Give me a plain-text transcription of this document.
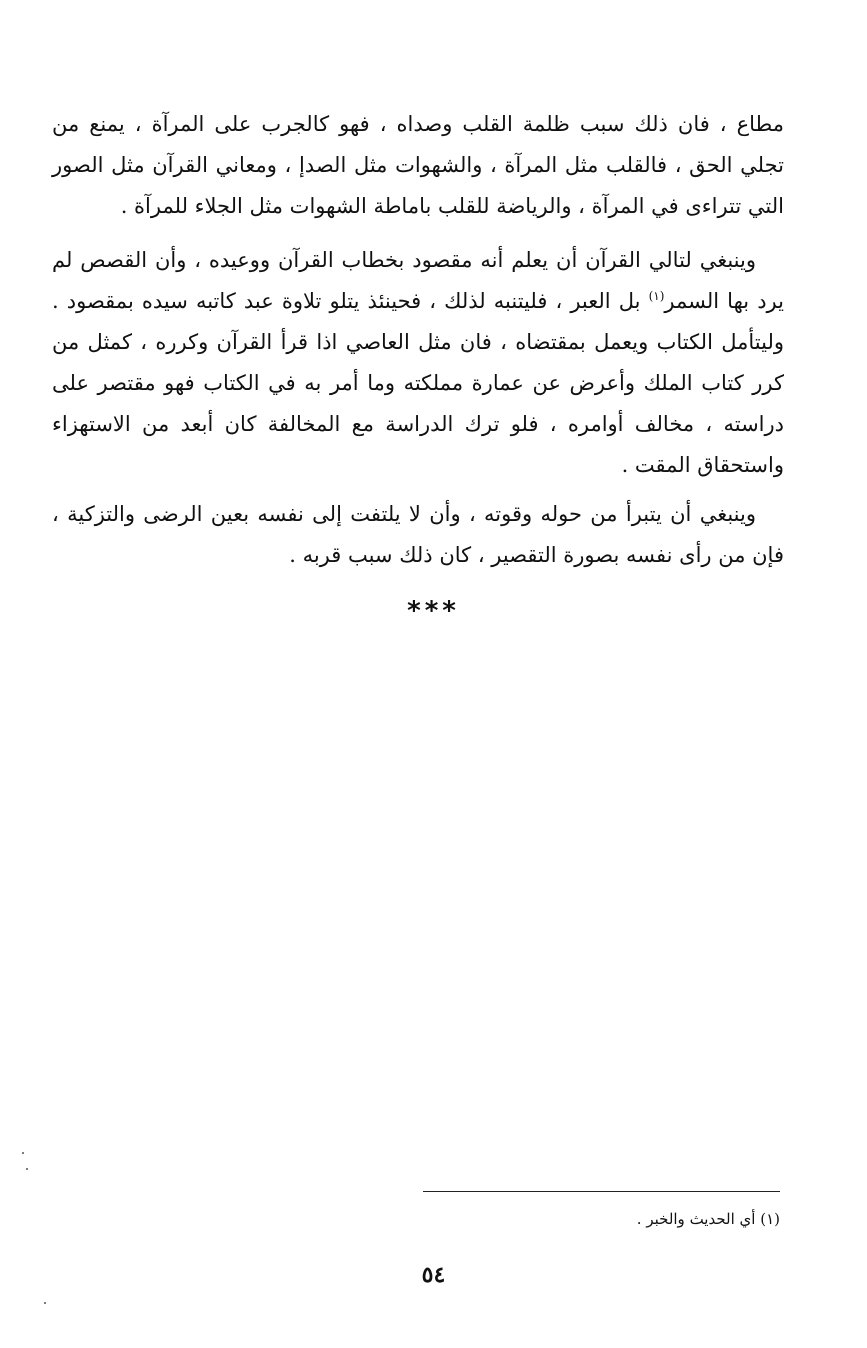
مطاع ، فان ذلك سبب ظلمة القلب وصداه ، فهو كالجرب على المرآة ، يمنع من تجلي الحق ، فالقلب مثل المرآة ، والشهوات مثل الصدإ ، ومعاني القرآن مثل الصور التي تتراءى في المرآة ، والرياضة للقلب باماطة الشهوات مثل الجلاء للمرآة .

وينبغي لتالي القرآن أن يعلم أنه مقصود بخطاب القرآن ووعيده ، وأن القصص لم يرد بها السمر$^{(١)}$ بل العبر ، فليتنبه لذلك ، فحينئذ يتلو تلاوة عبد كاتبه سيده بمقصود . وليتأمل الكتاب ويعمل بمقتضاه ، فان مثل العاصي اذا قرأ القرآن وكرره ، كمثل من كرر كتاب الملك وأعرض عن عمارة مملكته وما أمر به في الكتاب فهو مقتصر على دراسته ، مخالف أوامره ، فلو ترك الدراسة مع المخالفة كان أبعد من الاستهزاء واستحقاق المقت .

وينبغي أن يتبرأ من حوله وقوته ، وأن لا يلتفت إلى نفسه بعين الرضى والتزكية ، فإن من رأى نفسه بصورة التقصير ، كان ذلك سبب قربه .

***
(١) أي الحديث والخبر .
٥٤
